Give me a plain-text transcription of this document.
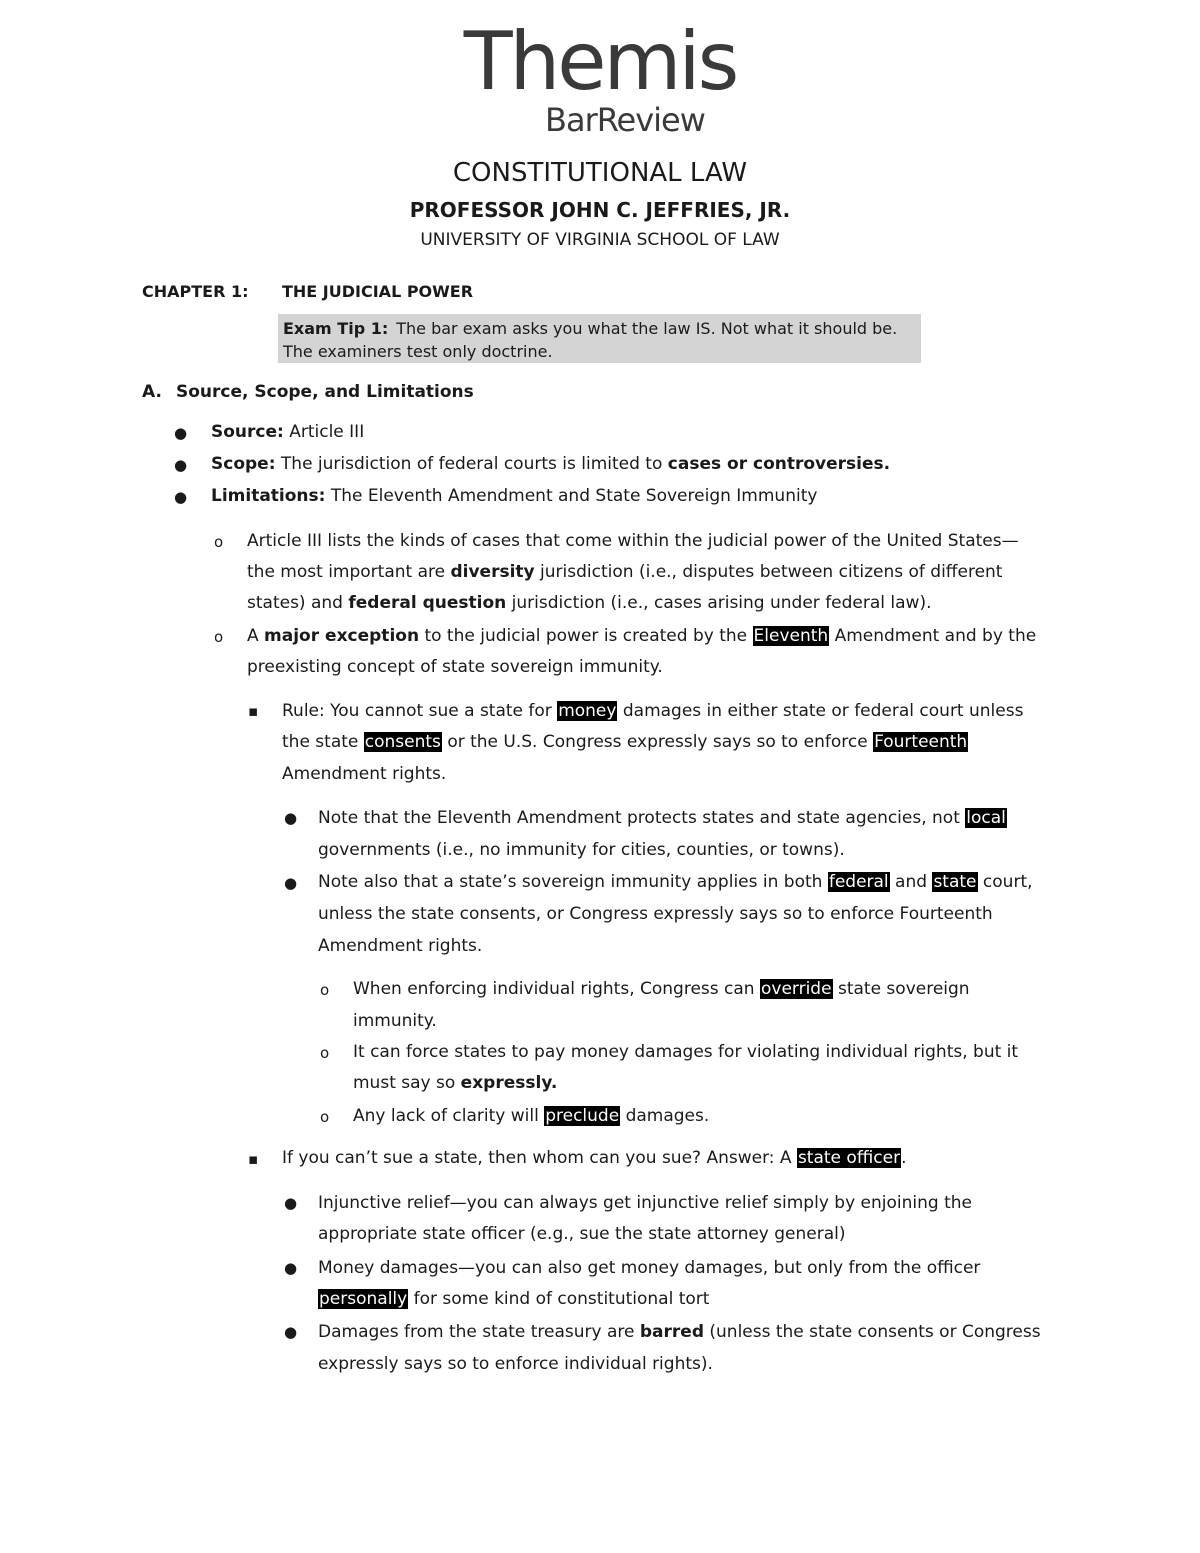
Themis
BarReview
CONSTITUTIONAL LAW
PROFESSOR JOHN C. JEFFRIES, JR.
UNIVERSITY OF VIRGINIA SCHOOL OF LAW
CHAPTER 1: THE JUDICIAL POWER
Exam Tip 1: The bar exam asks you what the law IS. Not what it should be.
The examiners test only doctrine.
A. Source, Scope, and Limitations
● Source: Article III
● Scope: The jurisdiction of federal courts is limited to cases or controversies.
● Limitations: The Eleventh Amendment and State Sovereign Immunity
o Article III lists the kinds of cases that come within the judicial power of the United States—
the most important are diversity jurisdiction (i.e., disputes between citizens of different
states) and federal question jurisdiction (i.e., cases arising under federal law).
o A major exception to the judicial power is created by the Eleventh Amendment and by the
preexisting concept of state sovereign immunity.
▪ Rule: You cannot sue a state for money damages in either state or federal court unless
the state consents or the U.S. Congress expressly says so to enforce Fourteenth
Amendment rights.
● Note that the Eleventh Amendment protects states and state agencies, not local
governments (i.e., no immunity for cities, counties, or towns).
● Note also that a state’s sovereign immunity applies in both federal and state court,
unless the state consents, or Congress expressly says so to enforce Fourteenth
Amendment rights.
o When enforcing individual rights, Congress can override state sovereign
immunity.
o It can force states to pay money damages for violating individual rights, but it
must say so expressly.
o Any lack of clarity will preclude damages.
▪ If you can’t sue a state, then whom can you sue? Answer: A state officer.
● Injunctive relief—you can always get injunctive relief simply by enjoining the
appropriate state officer (e.g., sue the state attorney general)
● Money damages—you can also get money damages, but only from the officer
personally for some kind of constitutional tort
● Damages from the state treasury are barred (unless the state consents or Congress
expressly says so to enforce individual rights).
